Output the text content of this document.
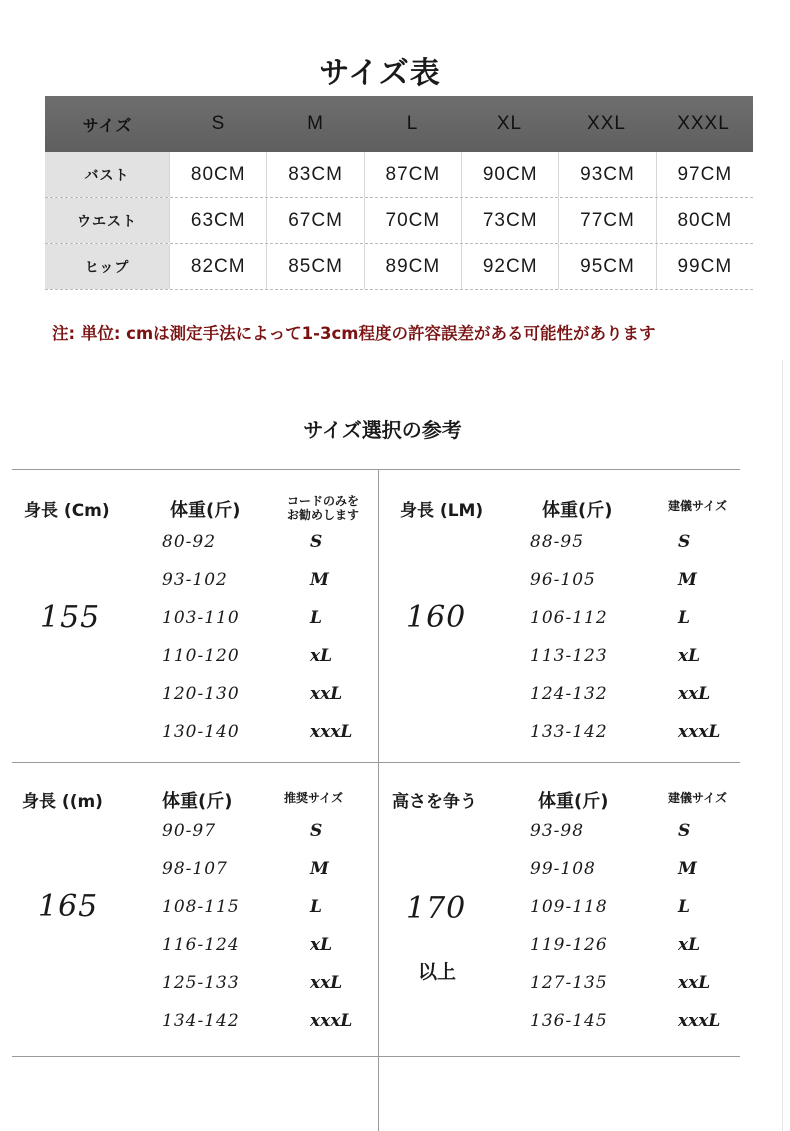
サイズ表
サイズ	S	M	L	XL	XXL	XXXL
バスト	80CM	83CM	87CM	90CM	93CM	97CM
ウエスト	63CM	67CM	70CM	73CM	77CM	80CM
ヒップ	82CM	85CM	89CM	92CM	95CM	99CM
注: 単位: cmは測定手法によって1-3cm程度の許容誤差がある可能性があります
サイズ選択の参考
身長 (Cm)	体重(斤)	コードのみを
お勧めします
155
80-92	S
93-102	M
103-110	L
110-120	xL
120-130	xxL
130-140	xxxL
身長 (LM)	体重(斤)	建儀サイズ
160
88-95	S
96-105	M
106-112	L
113-123	xL
124-132	xxL
133-142	xxxL
身長 ((m)	体重(斤)	推奨サイズ
165
90-97	S
98-107	M
108-115	L
116-124	xL
125-133	xxL
134-142	xxxL
高さを争う	体重(斤)	建儀サイズ
170
以上
93-98	S
99-108	M
109-118	L
119-126	xL
127-135	xxL
136-145	xxxL
